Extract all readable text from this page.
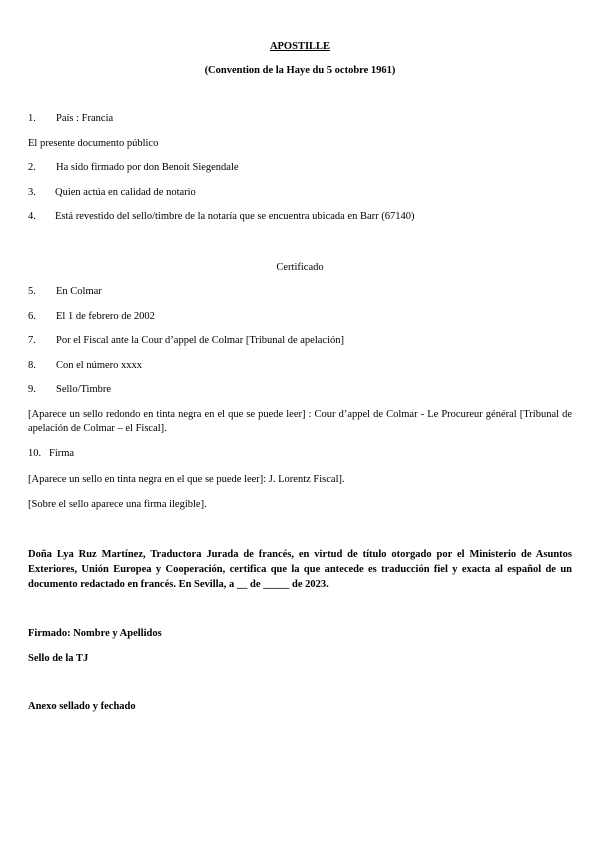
APOSTILLE
(Convention de la Haye du 5 octobre 1961)
1. País : Francia
El presente documento público
2. Ha sido firmado por don Benoit Siegendale
3. Quien actúa en calidad de notario
4. Está revestido del sello/timbre de la notaría que se encuentra ubicada en Barr (67140)
Certificado
5. En Colmar
6. El 1 de febrero de 2002
7. Por el Fiscal ante la Cour d’appel de Colmar [Tribunal de apelación]
8. Con el número xxxx
9. Sello/Timbre
[Aparece un sello redondo en tinta negra en el que se puede leer] : Cour d’appel de Colmar - Le Procureur général [Tribunal de apelación de Colmar – el Fiscal].
10. Firma
[Aparece un sello en tinta negra en el que se puede leer]: J. Lorentz Fiscal].
[Sobre el sello aparece una firma ilegible].
Doña Lya Ruz Martínez, Traductora Jurada de francés, en virtud de título otorgado por el Ministerio de Asuntos Exteriores, Unión Europea y Cooperación, certifica que la que antecede es traducción fiel y exacta al español de un documento redactado en francés. En Sevilla, a __ de _____ de 2023.
Firmado: Nombre y Apellidos
Sello de la TJ
Anexo sellado y fechado
